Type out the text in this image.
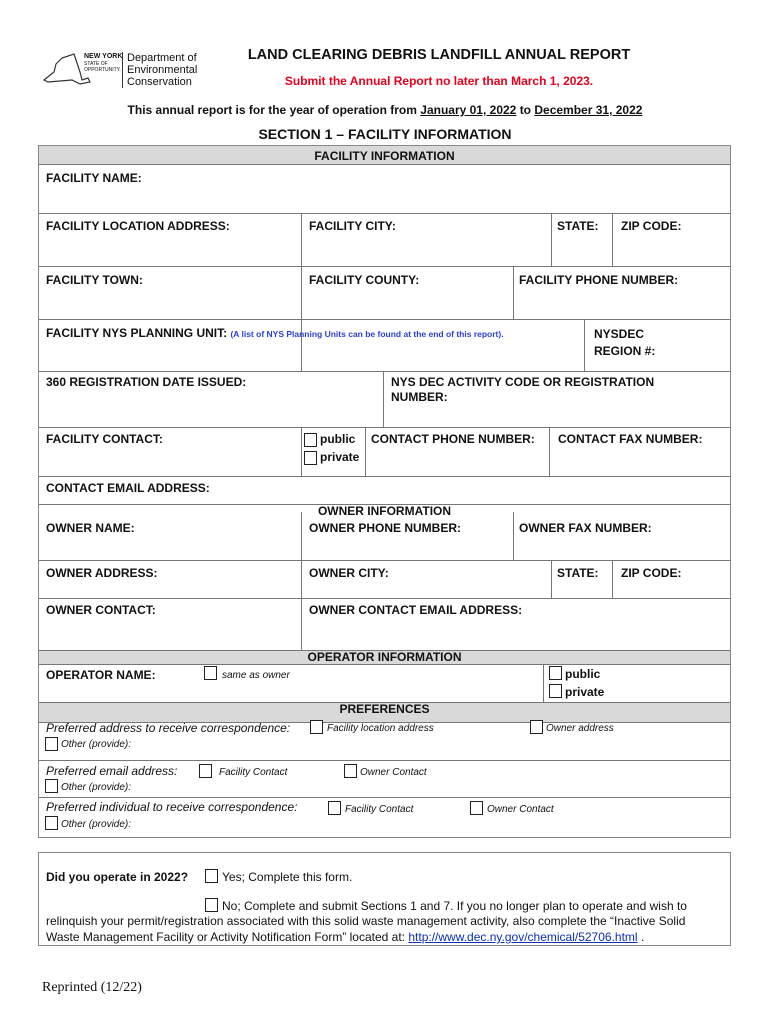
NEW YORK
STATE OF
OPPORTUNITY.
Department of
Environmental
Conservation
LAND CLEARING DEBRIS LANDFILL ANNUAL REPORT
Submit the Annual Report no later than March 1, 2023.
This annual report is for the year of operation from January 01, 2022 to December 31, 2022
SECTION 1 – FACILITY INFORMATION
FACILITY INFORMATION
FACILITY NAME:
FACILITY LOCATION ADDRESS:	FACILITY CITY:	STATE: ZIP CODE:
FACILITY TOWN:	FACILITY COUNTY:	FACILITY PHONE NUMBER:
FACILITY NYS PLANNING UNIT: (A list of NYS Planning Units can be found at the end of this report).	NYSDEC
REGION #:
360 REGISTRATION DATE ISSUED:	NYS DEC ACTIVITY CODE OR REGISTRATION NUMBER:
FACILITY CONTACT:	public
private
CONTACT PHONE NUMBER: CONTACT FAX NUMBER:
CONTACT EMAIL ADDRESS:
OWNER INFORMATION
OWNER NAME:	OWNER PHONE NUMBER:	OWNER FAX NUMBER:
OWNER ADDRESS:	OWNER CITY:	STATE: ZIP CODE:
OWNER CONTACT:	OWNER CONTACT EMAIL ADDRESS:
OPERATOR INFORMATION
OPERATOR NAME:	same as owner	public
private
PREFERENCES
Preferred address to receive correspondence:	Facility location address	Owner address
Other (provide):
Preferred email address:	Facility Contact	Owner Contact
Other (provide):
Preferred individual to receive correspondence:	Facility Contact	Owner Contact
Other (provide):
Did you operate in 2022?	Yes; Complete this form.
No; Complete and submit Sections 1 and 7. If you no longer plan to operate and wish to
relinquish your permit/registration associated with this solid waste management activity, also complete the “Inactive Solid
Waste Management Facility or Activity Notification Form” located at: http://www.dec.ny.gov/chemical/52706.html .
Reprinted (12/22)
